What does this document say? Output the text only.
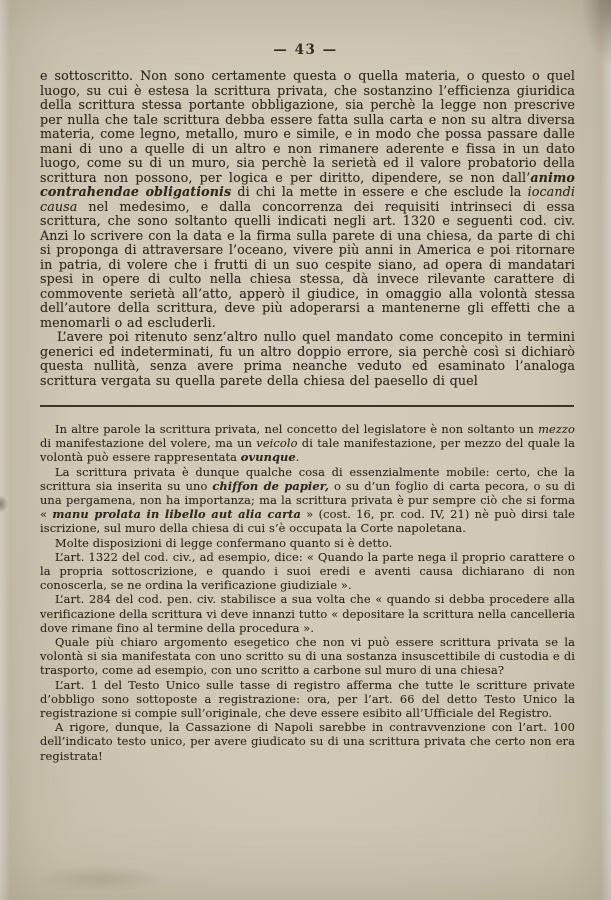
— 43 —

e sottoscritto. Non sono certamente questa o quella materia, o questo o quel luogo, su cui è estesa la scrittura privata, che sostanzino l’efficienza giuridica della scrittura stessa portante obbligazione, sia perchè la legge non prescrive per nulla che tale scrittura debba essere fatta sulla carta e non su altra diversa materia, come legno, metallo, muro e simile, e in modo che possa passare dalle mani di uno a quelle di un altro e non rimanere aderente e fissa in un dato luogo, come su di un muro, sia perchè la serietà ed il valore probatorio della scrittura non possono, per logica e per diritto, dipendere, se non dall’animo contrahendae obligationis di chi la mette in essere e che esclude la iocandi causa nel medesimo, e dalla concorrenza dei requisiti intrinseci di essa scrittura, che sono soltanto quelli indicati negli art. 1320 e seguenti cod. civ. Anzi lo scrivere con la data e la firma sulla parete di una chiesa, da parte di chi si proponga di attraversare l’oceano, vivere più anni in America e poi ritornare in patria, di volere che i frutti di un suo cespite siano, ad opera di mandatari spesi in opere di culto nella chiesa stessa, dà invece rilevante carattere di commovente serietà all’atto, apperò il giudice, in omaggio alla volontà stessa dell’autore della scrittura, deve più adoperarsi a mantenerne gli effetti che a menomarli o ad escluderli.

L’avere poi ritenuto senz’altro nullo quel mandato come concepito in termini generici ed indeterminati, fu un altro doppio errore, sia perchè così si dichiarò questa nullità, senza avere prima neanche veduto ed esaminato l’analoga scrittura vergata su quella parete della chiesa del paesello di quel

In altre parole la scrittura privata, nel concetto del legislatore è non soltanto un mezzo di manifestazione del volere, ma un veicolo di tale manifestazione, per mezzo del quale la volontà può essere rappresentata ovunque.

La scrittura privata è dunque qualche cosa di essenzialmente mobile: certo, che la scrittura sia inserita su uno chiffon de papier, o su d’un foglio di carta pecora, o su di una pergamena, non ha importanza; ma la scrittura privata è pur sempre ciò che si forma « manu prolata in libello aut alia carta » (cost. 16, pr. cod. IV, 21) nè può dirsi tale iscrizione, sul muro della chiesa di cui s’è occupata la Corte napoletana.

Molte disposizioni di legge confermano quanto si è detto.

L’art. 1322 del cod. civ., ad esempio, dice: « Quando la parte nega il proprio carattere o la propria sottoscrizione, e quando i suoi eredi e aventi causa dichiarano di non conoscerla, se ne ordina la verificazione giudiziale ».

L’art. 284 del cod. pen. civ. stabilisce a sua volta che « quando si debba procedere alla verificazione della scrittura vi deve innanzi tutto « depositare la scrittura nella cancelleria dove rimane fino al termine della procedura ».

Quale più chiaro argomento esegetico che non vi può essere scrittura privata se la volontà si sia manifestata con uno scritto su di una sostanza insuscettibile di custodia e di trasporto, come ad esempio, con uno scritto a carbone sul muro di una chiesa?

L’art. 1 del Testo Unico sulle tasse di registro afferma che tutte le scritture private d’obbligo sono sottoposte a registrazione: ora, per l’art. 66 del detto Testo Unico la registrazione si compie sull’originale, che deve essere esibito all’Ufficiale del Registro.

A rigore, dunque, la Cassazione di Napoli sarebbe in contravvenzione con l’art. 100 dell’indicato testo unico, per avere giudicato su di una scrittura privata che certo non era registrata!
